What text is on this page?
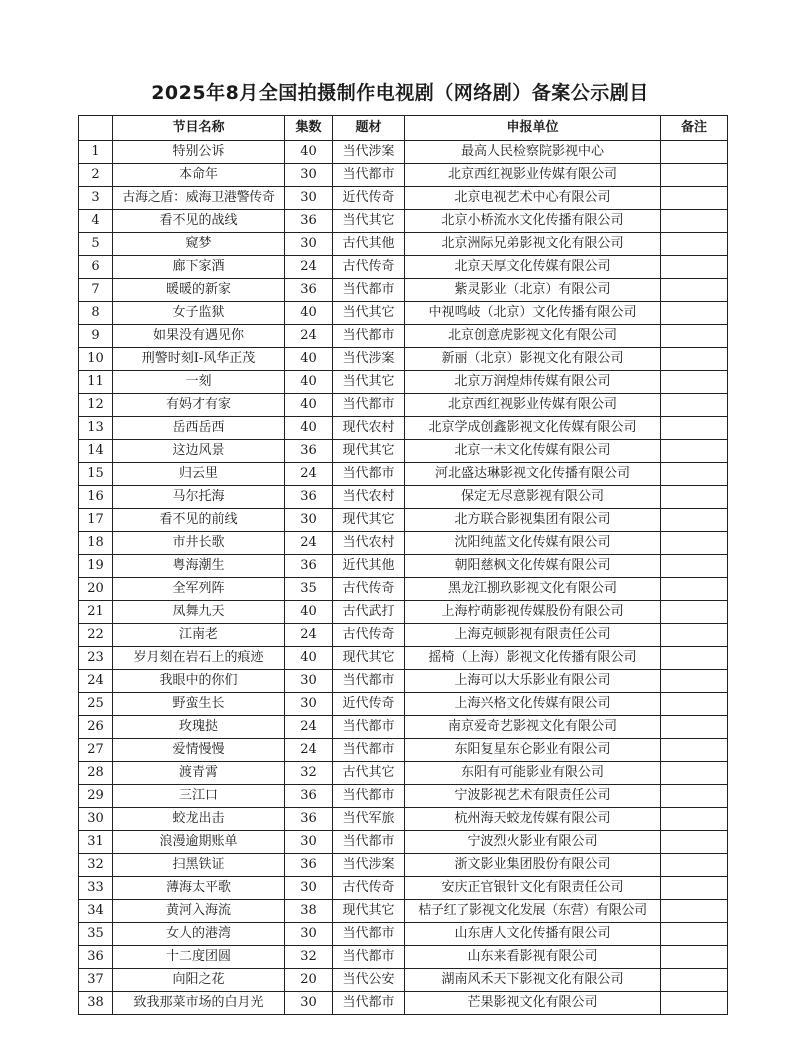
2025年8月全国拍摄制作电视剧（网络剧）备案公示剧目
	节目名称	集数	题材	申报单位	备注
1	特别公诉	40	当代涉案	最高人民检察院影视中心	
2	本命年	30	当代都市	北京西红视影业传媒有限公司	
3	古海之盾：威海卫港警传奇	30	近代传奇	北京电视艺术中心有限公司	
4	看不见的战线	36	当代其它	北京小桥流水文化传播有限公司	
5	窥梦	30	古代其他	北京洲际兄弟影视文化有限公司	
6	廊下家酒	24	古代传奇	北京天厚文化传媒有限公司	
7	暖暖的新家	36	当代都市	紫灵影业（北京）有限公司	
8	女子监狱	40	当代其它	中视鸣岐（北京）文化传播有限公司	
9	如果没有遇见你	24	当代都市	北京创意虎影视文化有限公司	
10	刑警时刻I-风华正茂	40	当代涉案	新丽（北京）影视文化有限公司	
11	一刻	40	当代其它	北京万润煌炜传媒有限公司	
12	有妈才有家	40	当代都市	北京西红视影业传媒有限公司	
13	岳西岳西	40	现代农村	北京学成创鑫影视文化传媒有限公司	
14	这边风景	36	现代其它	北京一未文化传媒有限公司	
15	归云里	24	当代都市	河北盛达琳影视文化传播有限公司	
16	马尔托海	36	当代农村	保定无尽意影视有限公司	
17	看不见的前线	30	现代其它	北方联合影视集团有限公司	
18	市井长歌	24	当代农村	沈阳纯蓝文化传媒有限公司	
19	粤海潮生	36	近代其他	朝阳慈枫文化传媒有限公司	
20	全军列阵	35	古代传奇	黑龙江捌玖影视文化有限公司	
21	凤舞九天	40	古代武打	上海柠萌影视传媒股份有限公司	
22	江南老	24	古代传奇	上海克顿影视有限责任公司	
23	岁月刻在岩石上的痕迹	40	现代其它	摇椅（上海）影视文化传播有限公司	
24	我眼中的你们	30	当代都市	上海可以大乐影业有限公司	
25	野蛮生长	30	近代传奇	上海兴格文化传媒有限公司	
26	玫瑰挞	24	当代都市	南京爱奇艺影视文化有限公司	
27	爱情慢慢	24	当代都市	东阳复星东仑影业有限公司	
28	渡青霄	32	古代其它	东阳有可能影业有限公司	
29	三江口	36	当代都市	宁波影视艺术有限责任公司	
30	蛟龙出击	36	当代军旅	杭州海天蛟龙传媒有限公司	
31	浪漫逾期账单	30	当代都市	宁波烈火影业有限公司	
32	扫黑铁证	36	当代涉案	浙文影业集团股份有限公司	
33	薄海太平歌	30	古代传奇	安庆正官银针文化有限责任公司	
34	黄河入海流	38	现代其它	桔子红了影视文化发展（东营）有限公司	
35	女人的港湾	30	当代都市	山东唐人文化传播有限公司	
36	十二度团圆	32	当代都市	山东来看影视有限公司	
37	向阳之花	20	当代公安	湖南风禾天下影视文化有限公司	
38	致我那菜市场的白月光	30	当代都市	芒果影视文化有限公司	
